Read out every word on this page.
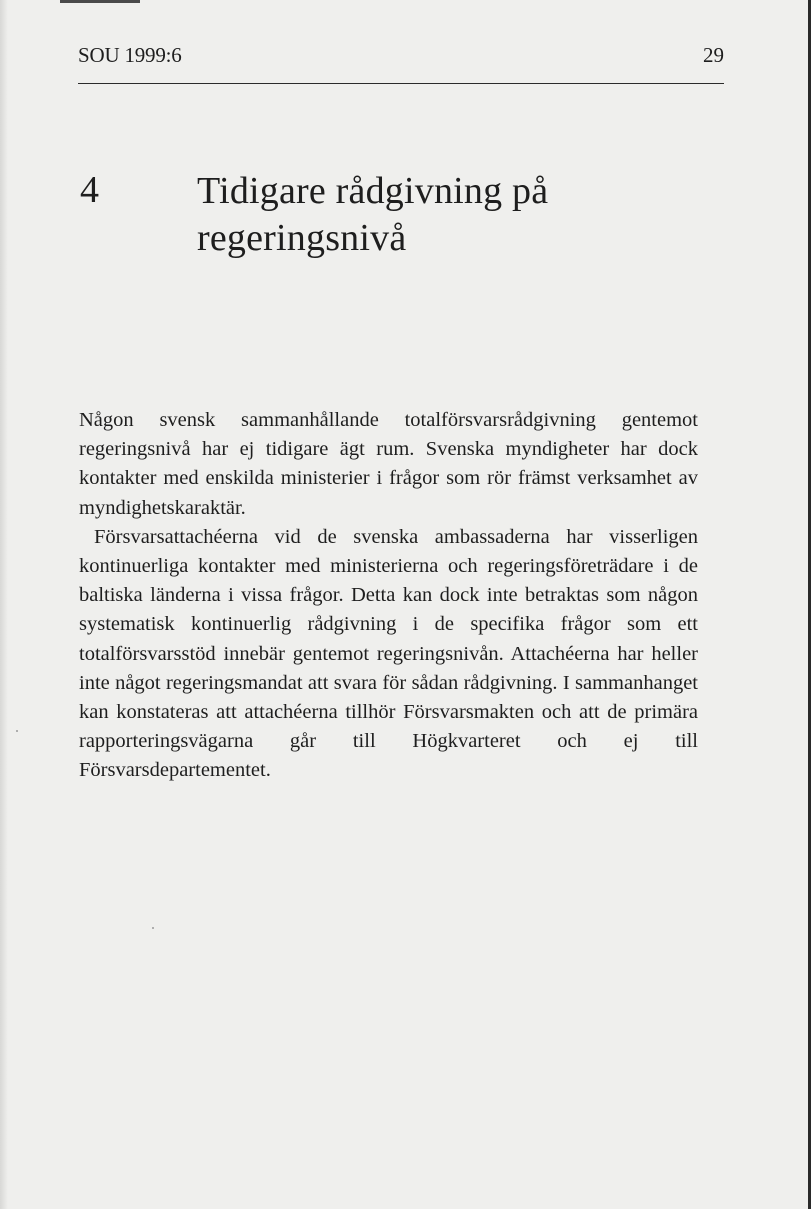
SOU 1999:6	29
4	Tidigare rådgivning på regeringsnivå

Någon svensk sammanhållande totalförsvarsrådgivning gentemot regeringsnivå har ej tidigare ägt rum. Svenska myndigheter har dock kontakter med enskilda ministerier i frågor som rör främst verksamhet av myndighetskaraktär.

Försvarsattachéerna vid de svenska ambassaderna har visserligen kontinuerliga kontakter med ministerierna och regeringsföreträdare i de baltiska länderna i vissa frågor. Detta kan dock inte betraktas som någon systematisk kontinuerlig rådgivning i de specifika frågor som ett totalförsvarsstöd innebär gentemot regeringsnivån. Attachéerna har heller inte något regeringsmandat att svara för sådan rådgivning. I sammanhanget kan konstateras att attachéerna tillhör Försvarsmakten och att de primära rapporteringsvägarna går till Högkvarteret och ej till Försvarsdepartementet.
